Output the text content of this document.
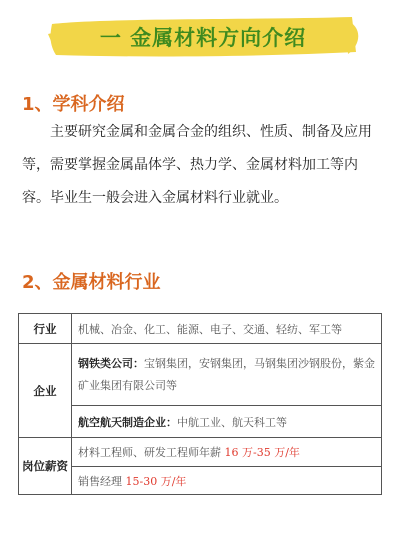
一 金属材料方向介绍
1、学科介绍

主要研究金属和金属合金的组织、性质、制备及应用等，需要掌握金属晶体学、热力学、金属材料加工等内容。毕业生一般会进入金属材料行业就业。

2、金属材料行业
行业	机械、冶金、化工、能源、电子、交通、轻纺、军工等
企业	钢铁类公司：宝钢集团，安钢集团，马钢集团沙钢股份，紫金矿业集团有限公司等
	航空航天制造企业：中航工业、航天科工等
岗位薪资	材料工程师、研发工程师年薪 16 万-35 万/年
	销售经理 15-30 万/年
